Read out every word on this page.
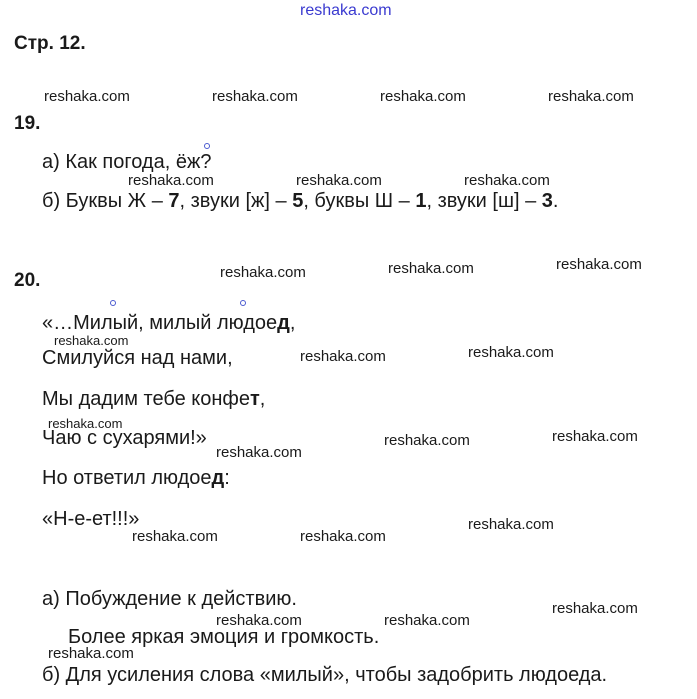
reshaka.com
Стр. 12.
reshaka.com	reshaka.com	reshaka.com	reshaka.com
19.
а) Как погода, ёж?
reshaka.com	reshaka.com	reshaka.com
б) Буквы Ж – 7, звуки [ж] – 5, буквы Ш – 1, звуки [ш] – 3.
20.	reshaka.com	reshaka.com	reshaka.com
«…Милый, милый людоед,
reshaka.com
Смилуйся над нами,	reshaka.com	reshaka.com
Мы дадим тебе конфет,
reshaka.com
Чаю с сухарями!»
reshaka.com
reshaka.com	reshaka.com
Но ответил людоед:
«Н-е-ет!!!»
reshaka.com	reshaka.com
reshaka.com
а) Побуждение к действию.	reshaka.com
reshaka.com	reshaka.com
Более яркая эмоция и громкость.
reshaka.com
б) Для усиления слова «милый», чтобы задобрить людоеда.
